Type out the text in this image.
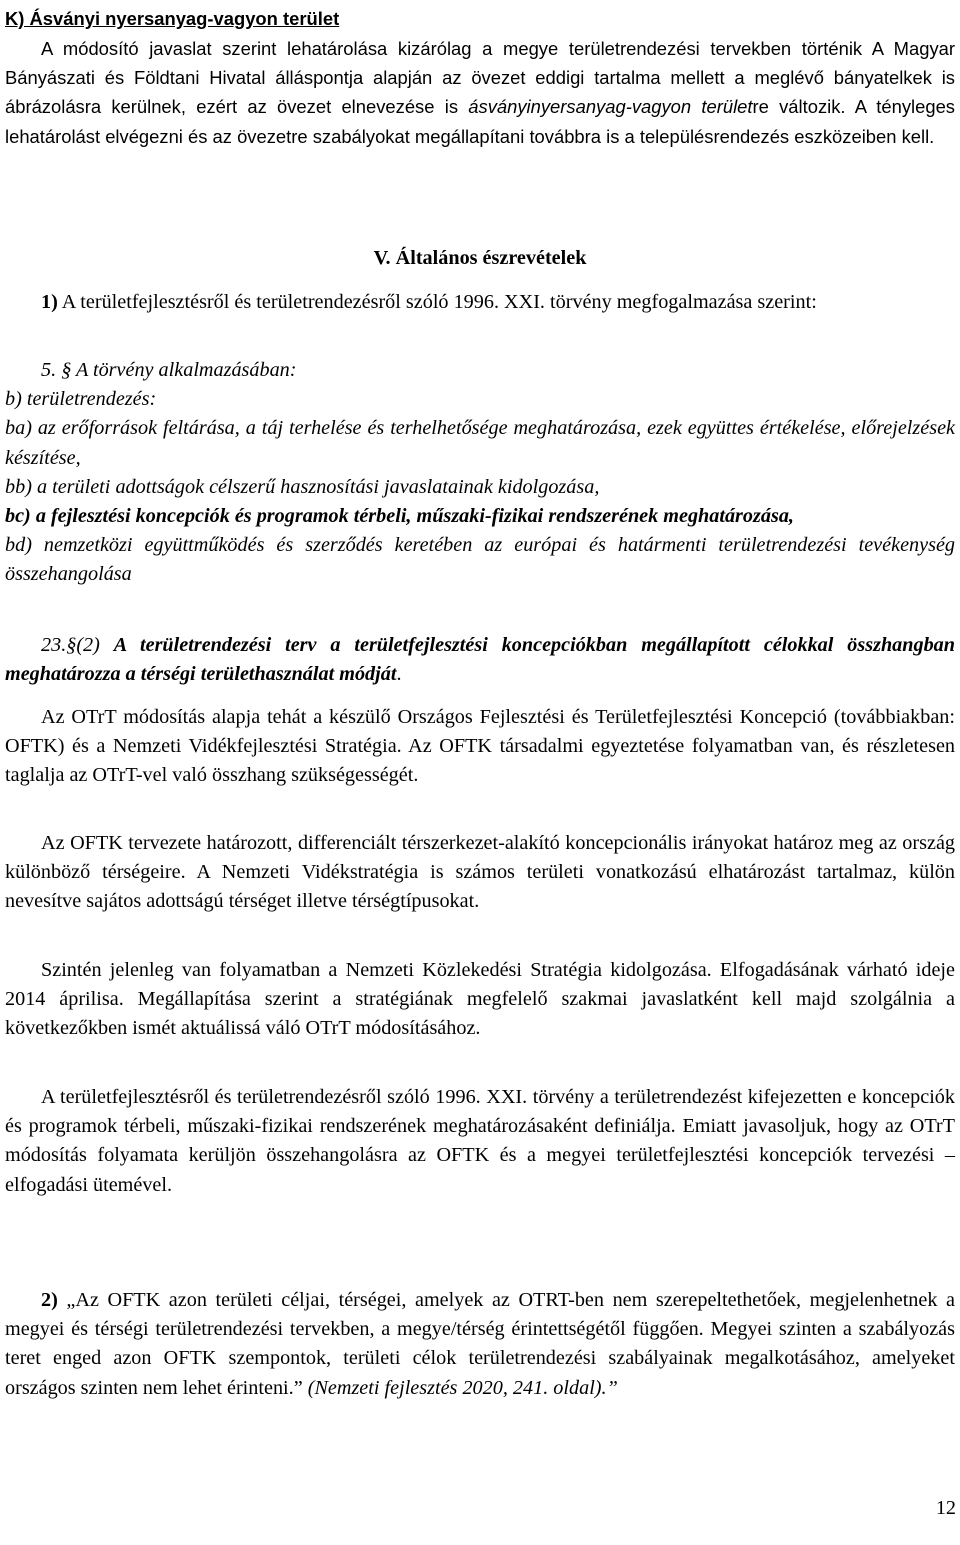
K) Ásványi nyersanyag-vagyon terület
A módosító javaslat szerint lehatárolása kizárólag a megye területrendezési tervekben történik A Magyar Bányászati és Földtani Hivatal álláspontja alapján az övezet eddigi tartalma mellett a meglévő bányatelkek is ábrázolásra kerülnek, ezért az övezet elnevezése is ásványinyersanyag-vagyon területre változik. A tényleges lehatárolást elvégezni és az övezetre szabályokat megállapítani továbbra is a településrendezés eszközeiben kell.
V. Általános észrevételek
1) A területfejlesztésről és területrendezésről szóló 1996. XXI. törvény megfogalmazása szerint:

5. § A törvény alkalmazásában:

b) területrendezés:

ba) az erőforrások feltárása, a táj terhelése és terhelhetősége meghatározása, ezek együttes értékelése, előrejelzések készítése,

bb) a területi adottságok célszerű hasznosítási javaslatainak kidolgozása,

bc) a fejlesztési koncepciók és programok térbeli, műszaki-fizikai rendszerének meghatározása,

bd) nemzetközi együttműködés és szerződés keretében az európai és határmenti területrendezési tevékenység összehangolása

23.§(2) A területrendezési terv a területfejlesztési koncepciókban megállapított célokkal összhangban meghatározza a térségi területhasználat módját.
Az OTrT módosítás alapja tehát a készülő Országos Fejlesztési és Területfejlesztési Koncepció (továbbiakban: OFTK) és a Nemzeti Vidékfejlesztési Stratégia. Az OFTK társadalmi egyeztetése folyamatban van, és részletesen taglalja az OTrT-vel való összhang szükségességét.
Az OFTK tervezete határozott, differenciált térszerkezet-alakító koncepcionális irányokat határoz meg az ország különböző térségeire. A Nemzeti Vidékstratégia is számos területi vonatkozású elhatározást tartalmaz, külön nevesítve sajátos adottságú térséget illetve térségtípusokat.
Szintén jelenleg van folyamatban a Nemzeti Közlekedési Stratégia kidolgozása. Elfogadásának várható ideje 2014 áprilisa. Megállapítása szerint a stratégiának megfelelő szakmai javaslatként kell majd szolgálnia a következőkben ismét aktuálissá váló OTrT módosításához.
A területfejlesztésről és területrendezésről szóló 1996. XXI. törvény a területrendezést kifejezetten e koncepciók és programok térbeli, műszaki-fizikai rendszerének meghatározásaként definiálja. Emiatt javasoljuk, hogy az OTrT módosítás folyamata kerüljön összehangolásra az OFTK és a megyei területfejlesztési koncepciók tervezési – elfogadási ütemével.
2) „Az OFTK azon területi céljai, térségei, amelyek az OTRT-ben nem szerepeltethetőek, megjelenhetnek a megyei és térségi területrendezési tervekben, a megye/térség érintettségétől függően. Megyei szinten a szabályozás teret enged azon OFTK szempontok, területi célok területrendezési szabályainak megalkotásához, amelyeket országos szinten nem lehet érinteni.” (Nemzeti fejlesztés 2020, 241. oldal).”
12
